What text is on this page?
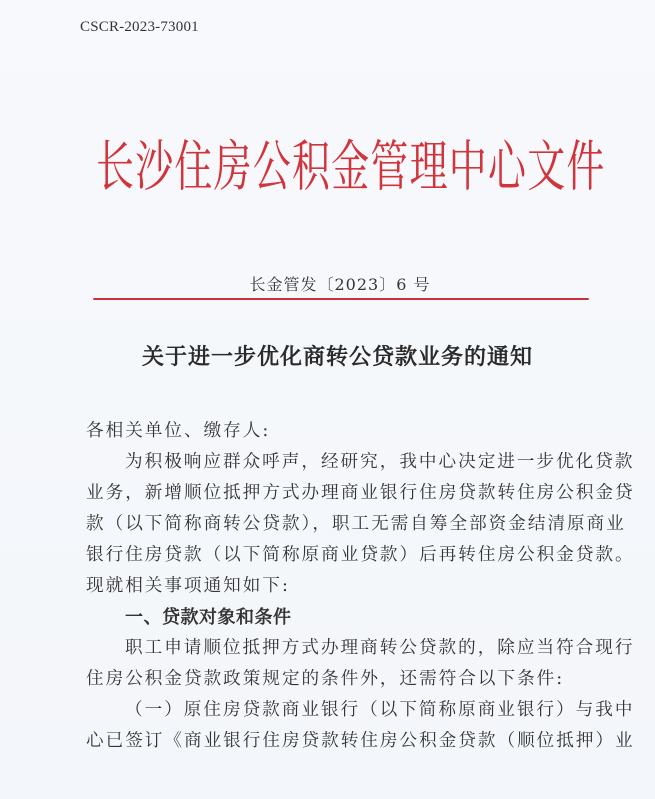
CSCR-2023-73001
长沙住房公积金管理中心文件
长金管发〔2023〕6 号
关于进一步优化商转公贷款业务的通知
各相关单位、缴存人:
为积极响应群众呼声，经研究，我中心决定进一步优化贷款
业务，新增顺位抵押方式办理商业银行住房贷款转住房公积金贷
款（以下简称商转公贷款），职工无需自筹全部资金结清原商业
银行住房贷款（以下简称原商业贷款）后再转住房公积金贷款。
现就相关事项通知如下:
一、贷款对象和条件
职工申请顺位抵押方式办理商转公贷款的，除应当符合现行
住房公积金贷款政策规定的条件外，还需符合以下条件:
（一）原住房贷款商业银行（以下简称原商业银行）与我中
心已签订《商业银行住房贷款转住房公积金贷款（顺位抵押）业
